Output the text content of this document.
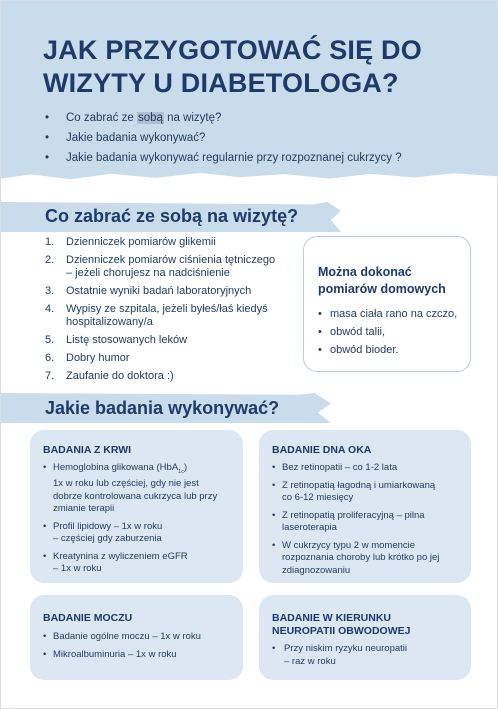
JAK PRZYGOTOWAĆ SIĘ DO
WIZYTY U DIABETOLOGA?
• Co zabrać ze sobą na wizytę?
• Jakie badania wykonywać?
• Jakie badania wykonywać regularnie przy rozpoznanej cukrzycy ?
Co zabrać ze sobą na wizytę?
1. Dzienniczek pomiarów glikemii
2. Dzienniczek pomiarów ciśnienia tętniczego
– jeżeli chorujesz na nadciśnienie
3. Ostatnie wyniki badań laboratoryjnych
4. Wypisy ze szpitala, jeżeli byłeś/łaś kiedyś
hospitalizowany/a
5. Listę stosowanych leków
6. Dobry humor
7. Zaufanie do doktora :)
Można dokonać
pomiarów domowych
• masa ciała rano na czczo,
• obwód talii,
• obwód bioder.
Jakie badania wykonywać?
BADANIA Z KRWI
• Hemoglobina glikowana (HbA$_{1c}$)
1x w roku lub częściej, gdy nie jest
dobrze kontrolowana cukrzyca lub przy
zmianie terapii
• Profil lipidowy – 1x w roku
– częściej gdy zaburzenia
• Kreatynina z wyliczeniem eGFR
– 1x w roku
BADANIE DNA OKA
• Bez retinopatii – co 1-2 lata
• Z retinopatią łagodną i umiarkowaną
co 6-12 miesięcy
• Z retinopatią proliferacyjną – pilna
laseroterapia
• W cukrzycy typu 2 w momencie
rozpoznania choroby lub krótko po jej
zdiagnozowaniu
BADANIE MOCZU
• Badanie ogólne moczu – 1x w roku
• Mikroalbuminuria – 1x w roku
BADANIE W KIERUNKU
NEUROPATII OBWODOWEJ
• Przy niskim ryzyku neuropatii
– raz w roku
